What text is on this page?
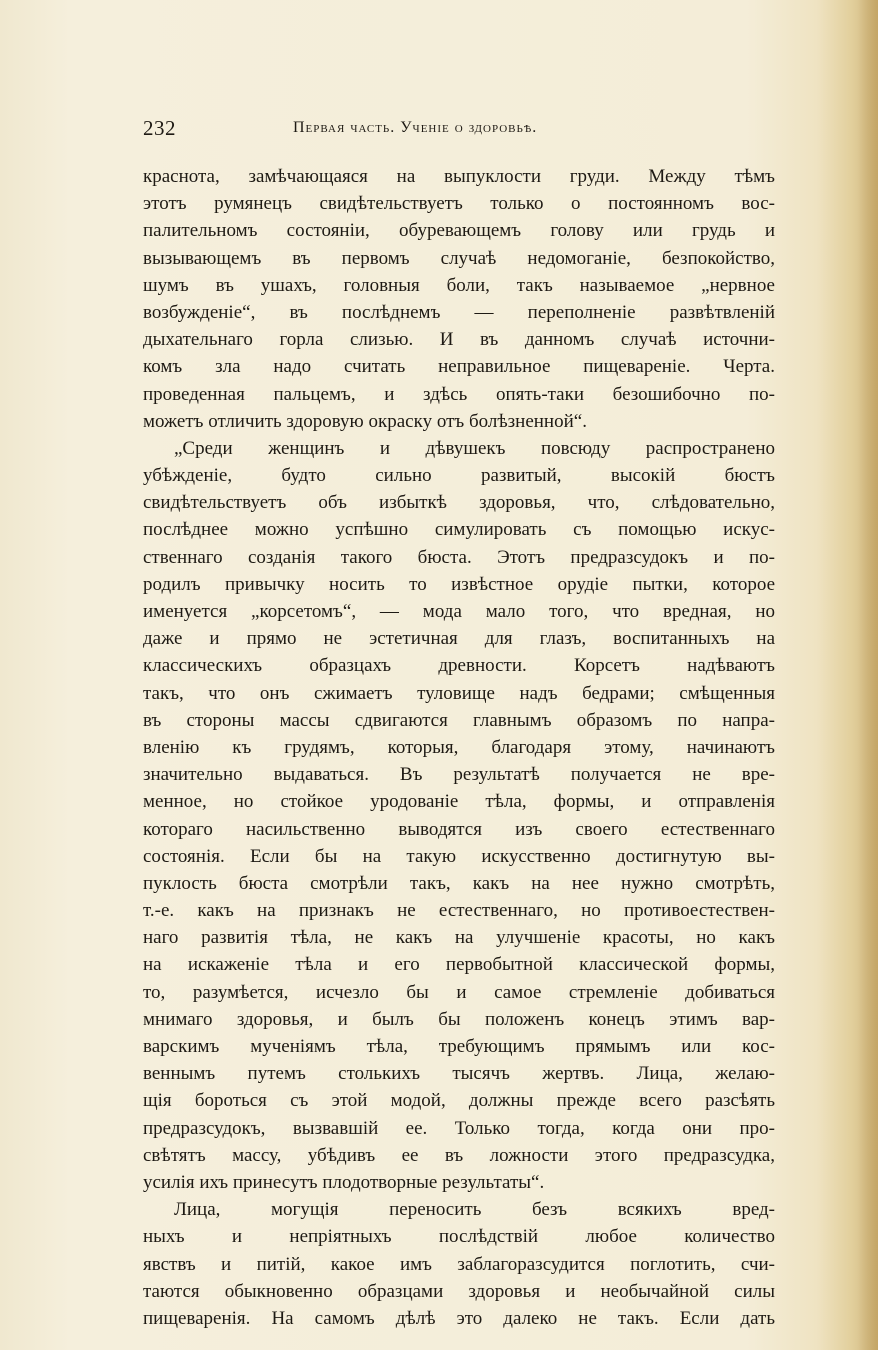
232	Первая часть. Ученіе о здоровьѣ.
краснота, замѣчающаяся на выпуклости груди. Между тѣмъ
этотъ румянецъ свидѣтельствуетъ только о постоянномъ вос-
палительномъ состояніи, обуревающемъ голову или грудь и
вызывающемъ въ первомъ случаѣ недомоганіе, безпокойство,
шумъ въ ушахъ, головныя боли, такъ называемое „нервное
возбужденіе“, въ послѣднемъ — переполненіе развѣтвленій
дыхательнаго горла слизью. И въ данномъ случаѣ источни-
комъ зла надо считать неправильное пищевареніе. Черта.
проведенная пальцемъ, и здѣсь опять-таки безошибочно по-
можетъ отличить здоровую окраску отъ болѣзненной“.
„Среди женщинъ и дѣвушекъ повсюду распространено
убѣжденіе, будто сильно развитый, высокій бюстъ
свидѣтельствуетъ объ избыткѣ здоровья, что, слѣдовательно,
послѣднее можно успѣшно симулировать съ помощью искус-
ственнаго созданія такого бюста. Этотъ предразсудокъ и по-
родилъ привычку носить то извѣстное орудіе пытки, которое
именуется „корсетомъ“, — мода мало того, что вредная, но
даже и прямо не эстетичная для глазъ, воспитанныхъ на
классическихъ образцахъ древности. Корсетъ надѣваютъ
такъ, что онъ сжимаетъ туловище надъ бедрами; смѣщенныя
въ стороны массы сдвигаются главнымъ образомъ по напра-
вленію къ грудямъ, которыя, благодаря этому, начинаютъ
значительно выдаваться. Въ результатѣ получается не вре-
менное, но стойкое уродованіе тѣла, формы, и отправленія
котораго насильственно выводятся изъ своего естественнаго
состоянія. Если бы на такую искусственно достигнутую вы-
пуклость бюста смотрѣли такъ, какъ на нее нужно смотрѣть,
т.-е. какъ на признакъ не естественнаго, но противоестествен-
наго развитія тѣла, не какъ на улучшеніе красоты, но какъ
на искаженіе тѣла и его первобытной классической формы,
то, разумѣется, исчезло бы и самое стремленіе добиваться
мнимаго здоровья, и былъ бы положенъ конецъ этимъ вар-
варскимъ мученіямъ тѣла, требующимъ прямымъ или кос-
веннымъ путемъ столькихъ тысячъ жертвъ. Лица, желаю-
щія бороться съ этой модой, должны прежде всего разсѣять
предразсудокъ, вызвавшій ее. Только тогда, когда они про-
свѣтятъ массу, убѣдивъ ее въ ложности этого предразсудка,
усилія ихъ принесутъ плодотворные результаты“.
Лица, могущія переносить безъ всякихъ вред-
ныхъ и непріятныхъ послѣдствій любое количество
явствъ и питій, какое имъ заблагоразсудится поглотить, счи-
таются обыкновенно образцами здоровья и необычайной силы
пищеваренія. На самомъ дѣлѣ это далеко не такъ. Если дать
